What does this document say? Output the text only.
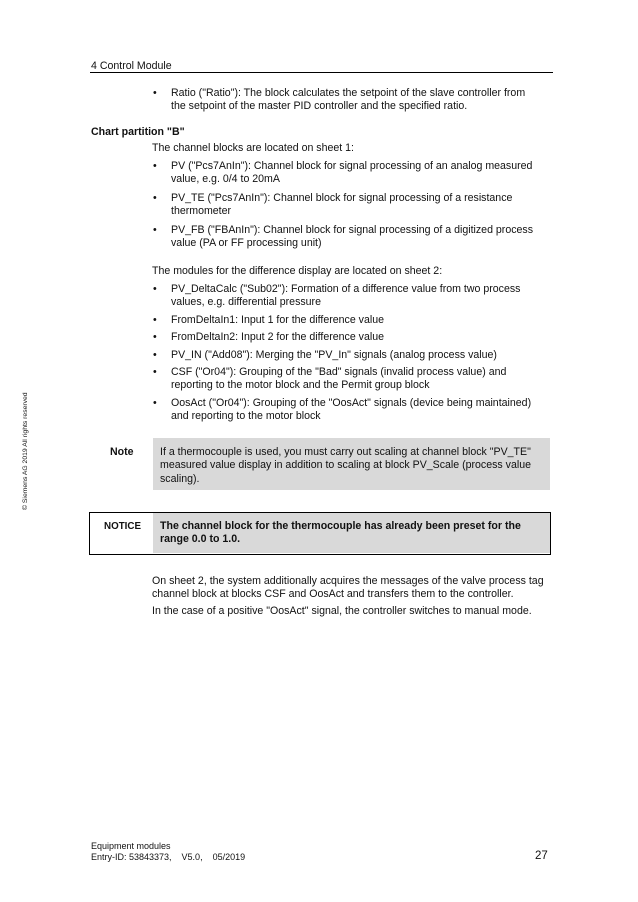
4 Control Module
© Siemens AG 2019 All rights reserved
• Ratio ("Ratio"): The block calculates the setpoint of the slave controller from the setpoint of the master PID controller and the specified ratio.
Chart partition "B"

The channel blocks are located on sheet 1:

• PV ("Pcs7AnIn"): Channel block for signal processing of an analog measured value, e.g. 0/4 to 20mA
• PV_TE ("Pcs7AnIn"): Channel block for signal processing of a resistance thermometer
• PV_FB ("FBAnIn"): Channel block for signal processing of a digitized process value (PA or FF processing unit)

The modules for the difference display are located on sheet 2:

• PV_DeltaCalc ("Sub02"): Formation of a difference value from two process values, e.g. differential pressure
• FromDeltaIn1: Input 1 for the difference value
• FromDeltaIn2: Input 2 for the difference value
• PV_IN ("Add08"): Merging the "PV_In" signals (analog process value)
• CSF ("Or04"): Grouping of the "Bad" signals (invalid process value) and reporting to the motor block and the Permit group block
• OosAct ("Or04"): Grouping of the "OosAct" signals (device being maintained) and reporting to the motor block
Note If a thermocouple is used, you must carry out scaling at channel block "PV_TE" measured value display in addition to scaling at block PV_Scale (process value scaling).
NOTICE The channel block for the thermocouple has already been preset for the range 0.0 to 1.0.

On sheet 2, the system additionally acquires the messages of the valve process tag channel block at blocks CSF and OosAct and transfers them to the controller.

In the case of a positive "OosAct" signal, the controller switches to manual mode.

Equipment modules
Entry-ID: 53843373,    V5.0,    05/2019	27
